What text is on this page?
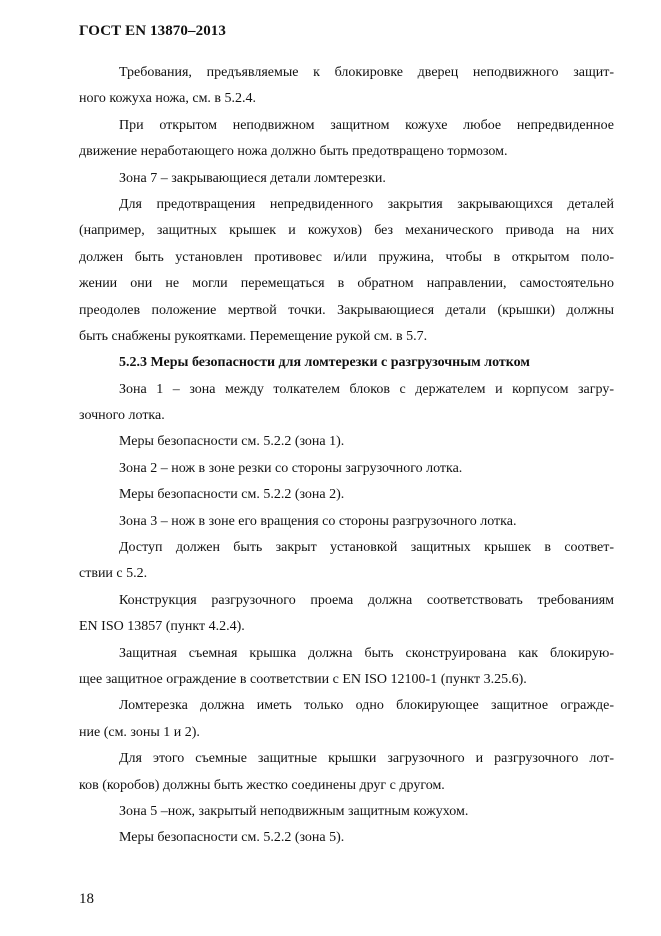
ГОСТ EN 13870–2013
Требования, предъявляемые к блокировке дверец неподвижного защит-
ного кожуха ножа, см. в 5.2.4.
При открытом неподвижном защитном кожухе любое непредвиденное
движение неработающего ножа должно быть предотвращено тормозом.
Зона 7 – закрывающиеся детали ломтерезки.
Для предотвращения непредвиденного закрытия закрывающихся деталей
(например, защитных крышек и кожухов) без механического привода на них
должен быть установлен противовес и/или пружина, чтобы в открытом поло-
жении они не могли перемещаться в обратном направлении, самостоятельно
преодолев положение мертвой точки. Закрывающиеся детали (крышки) должны
быть снабжены рукоятками. Перемещение рукой см. в 5.7.
5.2.3 Меры безопасности для ломтерезки с разгрузочным лотком
Зона 1 – зона между толкателем блоков с держателем и корпусом загру-
зочного лотка.
Меры безопасности см. 5.2.2 (зона 1).
Зона 2 – нож в зоне резки со стороны загрузочного лотка.
Меры безопасности см. 5.2.2 (зона 2).
Зона 3 – нож в зоне его вращения со стороны разгрузочного лотка.
Доступ должен быть закрыт установкой защитных крышек в соответ-
ствии с 5.2.
Конструкция разгрузочного проема должна соответствовать требованиям
EN ISO 13857 (пункт 4.2.4).
Защитная съемная крышка должна быть сконструирована как блокирую-
щее защитное ограждение в соответствии с EN ISO 12100-1 (пункт 3.25.6).
Ломтерезка должна иметь только одно блокирующее защитное огражде-
ние (см. зоны 1 и 2).
Для этого съемные защитные крышки загрузочного и разгрузочного лот-
ков (коробов) должны быть жестко соединены друг с другом.
Зона 5 –нож, закрытый неподвижным защитным кожухом.
Меры безопасности см. 5.2.2 (зона 5).
18
